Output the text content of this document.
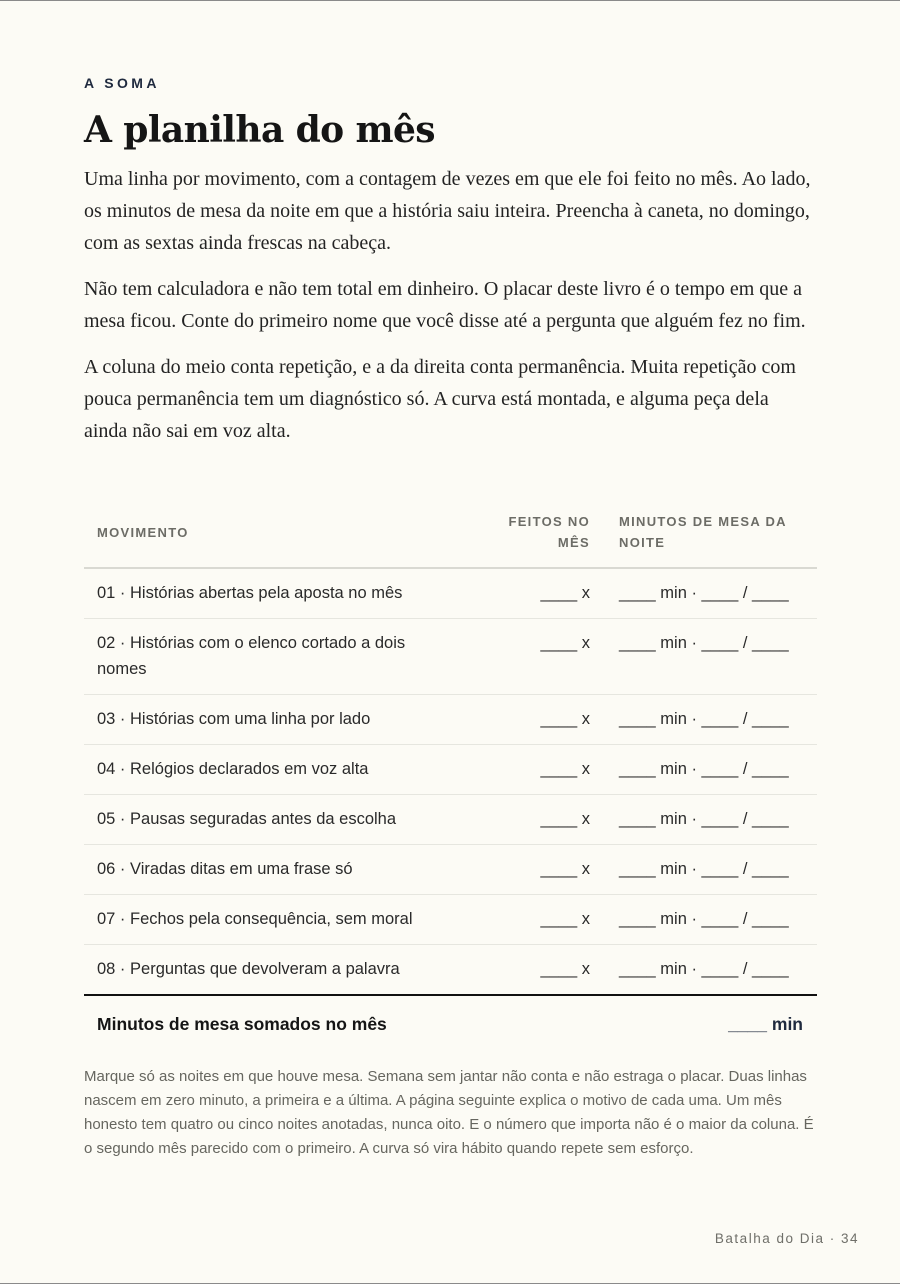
A SOMA
A planilha do mês

Uma linha por movimento, com a contagem de vezes em que ele foi feito no mês. Ao lado, os minutos de mesa da noite em que a história saiu inteira. Preencha à caneta, no domingo, com as sextas ainda frescas na cabeça.

Não tem calculadora e não tem total em dinheiro. O placar deste livro é o tempo em que a mesa ficou. Conte do primeiro nome que você disse até a pergunta que alguém fez no fim.

A coluna do meio conta repetição, e a da direita conta permanência. Muita repetição com pouca permanência tem um diagnóstico só. A curva está montada, e alguma peça dela ainda não sai em voz alta.

MOVIMENTO	FEITOS NO MÊS	MINUTOS DE MESA DA NOITE
01 · Histórias abertas pela aposta no mês	____ x	____ min · ____ / ____
02 · Histórias com o elenco cortado a dois nomes	____ x	____ min · ____ / ____
03 · Histórias com uma linha por lado	____ x	____ min · ____ / ____
04 · Relógios declarados em voz alta	____ x	____ min · ____ / ____
05 · Pausas seguradas antes da escolha	____ x	____ min · ____ / ____
06 · Viradas ditas em uma frase só	____ x	____ min · ____ / ____
07 · Fechos pela consequência, sem moral	____ x	____ min · ____ / ____
08 · Perguntas que devolveram a palavra	____ x	____ min · ____ / ____
Minutos de mesa somados no mês		____ min

Marque só as noites em que houve mesa. Semana sem jantar não conta e não estraga o placar. Duas linhas nascem em zero minuto, a primeira e a última. A página seguinte explica o motivo de cada uma. Um mês honesto tem quatro ou cinco noites anotadas, nunca oito. E o número que importa não é o maior da coluna. É o segundo mês parecido com o primeiro. A curva só vira hábito quando repete sem esforço.

Batalha do Dia · 34
